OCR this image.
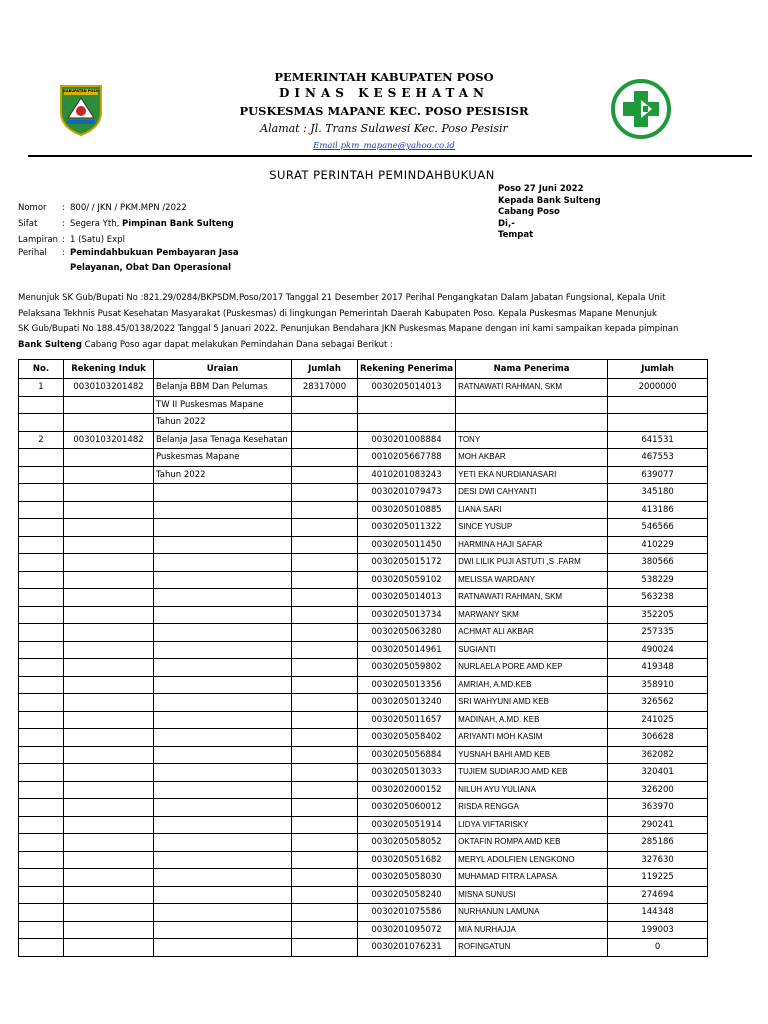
KABUPATEN POSO
PEMERINTAH KABUPATEN POSO
DINAS KESEHATAN
PUSKESMAS MAPANE KEC. POSO PESISISR
Alamat : Jl. Trans Sulawesi Kec. Poso Pesisir
Email pkm_mapane@yahoo.co.id
SURAT PERINTAH PEMINDAHBUKUAN
Poso 27 Juni 2022
Kepada Bank Sulteng
Cabang Poso
Di,-
Tempat
Nomor : 800/ / JKN / PKM.MPN /2022
Sifat	: Segera Yth, Pimpinan Bank Sulteng
Lampiran : 1 (Satu) Expl
Perihal : Pemindahbukuan Pembayaran Jasa
Pelayanan, Obat Dan Operasional
Menunjuk SK Gub/Bupati No :821.29/0284/BKPSDM.Poso/2017 Tanggal 21 Desember 2017 Perihal Pengangkatan Dalam Jabatan Fungsional, Kepala Unit
Pelaksana Tekhnis Pusat Kesehatan Masyarakat (Puskesmas) di lingkungan Pemerintah Daerah Kabupaten Poso. Kepala Puskesmas Mapane Menunjuk
SK Gub/Bupati No 188.45/0138/2022 Tanggal 5 Januari 2022. Penunjukan Bendahara JKN Puskesmas Mapane dengan ini kami sampaikan kepada pimpinan
Bank Sulteng Cabang Poso agar dapat melakukan Pemindahan Dana sebagai Berikut :
No.	Rekening Induk	Uraian	Jumlah	Rekening Penerima	Nama Penerima	Jumlah
1	0030103201482	Belanja BBM Dan Pelumas	28317000	0030205014013	RATNAWATI RAHMAN, SKM	2000000
		TW II Puskesmas Mapane				
		Tahun 2022				
2	0030103201482	Belanja Jasa Tenaga Kesehatan		0030201008884	TONY	641531
		Puskesmas Mapane		0010205667788	MOH AKBAR	467553
		Tahun 2022		4010201083243	YETI EKA NURDIANASARI	639077
				0030201079473	DESI DWI CAHYANTI	345180
				0030205010885	LIANA SARI	413186
				0030205011322	SINCE YUSUP	546566
				0030205011450	HARMINA HAJI SAFAR	410229
				0030205015172	DWI LILIK PUJI ASTUTI ,S .FARM	380566
				0030205059102	MELISSA WARDANY	538229
				0030205014013	RATNAWATI RAHMAN, SKM	563238
				0030205013734	MARWANY SKM	352205
				0030205063280	ACHMAT ALI AKBAR	257335
				0030205014961	SUGIANTI	490024
				0030205059802	NURLAELA PORE AMD KEP	419348
				0030205013356	AMRIAH, A.MD.KEB	358910
				0030205013240	SRI WAHYUNI AMD KEB	326562
				0030205011657	MADINAH, A.MD. KEB	241025
				0030205058402	ARIYANTI MOH KASIM	306628
				0030205056884	YUSNAH BAHI AMD KEB	362082
				0030205013033	TUJIEM SUDIARJO AMD KEB	320401
				0030202000152	NILUH AYU YULIANA	326200
				0030205060012	RISDA RENGGA	363970
				0030205051914	LIDYA VIFTARISKY	290241
				0030205058052	OKTAFIN ROMPA AMD KEB	285186
				0030205051682	MERYL ADOLFIEN LENGKONO	327630
				0030205058030	MUHAMAD FITRA LAPASA	119225
				0030205058240	MISNA SUNUSI	274694
				0030201075586	NURHANUN LAMUNA	144348
				0030201095072	MIA NURHAJJA	199003
				0030201076231	ROFINGATUN	0
